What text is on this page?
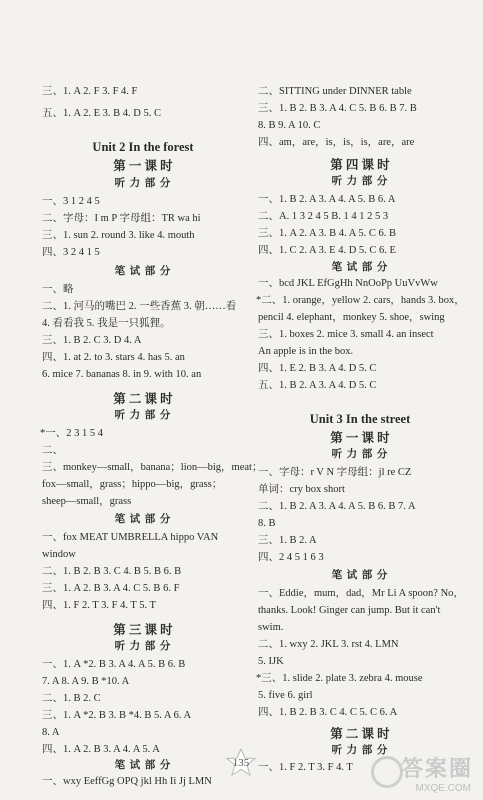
三、1. A 2. F 3. F 4. F
五、1. A 2. E 3. B 4. D 5. C
Unit 2 In the forest
第 一 课 时
听 力 部 分
一、3 1 2 4 5
二、字母：I m P 字母组：TR wa hi
三、1. sun 2. round 3. like 4. mouth
四、3 2 4 1 5
笔 试 部 分
一、略
二、1. 河马的嘴巴 2. 一些香蕉 3. 朝……看
4. 看看我 5. 我是一只狐狸。
三、1. B 2. C 3. D 4. A
四、1. at 2. to 3. stars 4. has 5. an
6. mice 7. bananas 8. in 9. with 10. an
第 二 课 时
听 力 部 分
*一、2 3 1 5 4
二、
三、monkey—small，banana；lion—big，meat；
fox—small，grass；hippo—big，grass；
sheep—small，grass
笔 试 部 分
一、fox MEAT UMBRELLA hippo VAN
window
二、1. B 2. B 3. C 4. B 5. B 6. B
三、1. A 2. B 3. A 4. C 5. B 6. F
四、1. F 2. T 3. F 4. T 5. T
第 三 课 时
听 力 部 分
一、1. A *2. B 3. A 4. A 5. B 6. B
7. A 8. A 9. B *10. A
二、1. B 2. C
三、1. A *2. B 3. B *4. B 5. A 6. A
8. A
四、1. A 2. B 3. A 4. A 5. A
笔 试 部 分
一、wxy EeffGg OPQ jkl Hh Ii Jj LMN
二、SITTING under DINNER table
三、1. B 2. B 3. A 4. C 5. B 6. B 7. B
8. B 9. A 10. C
四、am，are，is，is，is，are，are
第 四 课 时
听 力 部 分
一、1. B 2. A 3. A 4. A 5. B 6. A
二、A. 1 3 2 4 5 B. 1 4 1 2 5 3
三、1. A 2. A 3. B 4. A 5. C 6. B
四、1. C 2. A 3. E 4. D 5. C 6. E
笔 试 部 分
一、bcd JKL EfGgHh NnOoPp UuVvWw
*二、1. orange，yellow 2. cars，hands 3. box，
pencil 4. elephant，monkey 5. shoe，swing
三、1. boxes 2. mice 3. small 4. an insect
An apple is in the box.
四、1. E 2. B 3. A 4. D 5. C
五、1. B 2. A 3. A 4. D 5. C
Unit 3 In the street
第 一 课 时
听 力 部 分
一、字母：r V N 字母组：jl re CZ
单词：cry box short
二、1. B 2. A 3. A 4. A 5. B 6. B 7. A
8. B
三、1. B 2. A
四、2 4 5 1 6 3
笔 试 部 分
一、Eddie，mum，dad，Mr Li A spoon? No，
thanks. Look! Ginger can jump. But it can't
swim.
二、1. wxy 2. JKL 3. rst 4. LMN
5. IJK
*三、1. slide 2. plate 3. zebra 4. mouse
5. five 6. girl
四、1. B 2. B 3. C 4. C 5. C 6. A
第 二 课 时
听 力 部 分
一、1. F 2. T 3. F 4. T
135	答案圈
MXQE.COM
